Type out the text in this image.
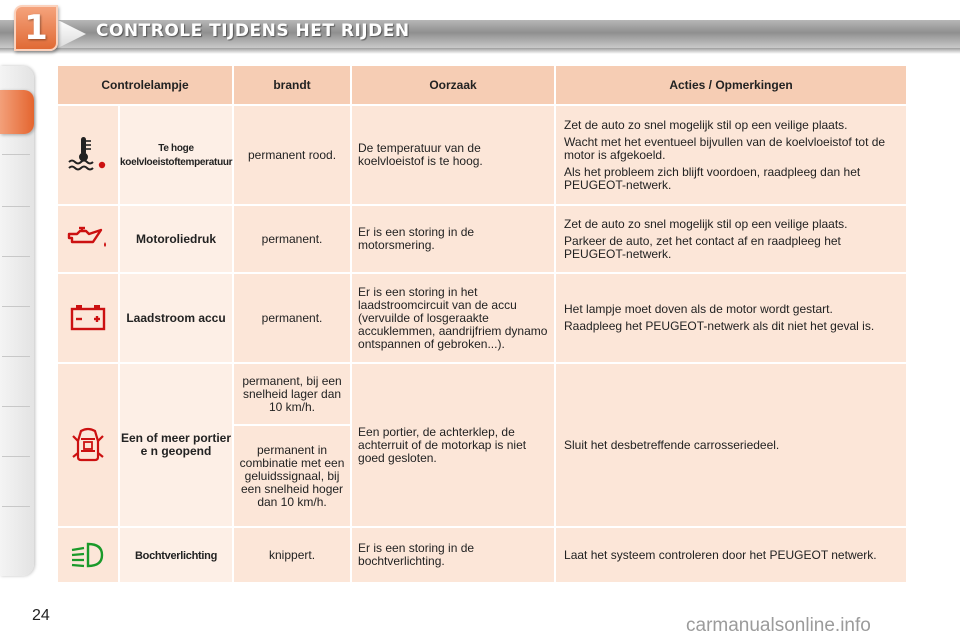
1	CONTROLE TIJDENS HET RIJDEN
Controlelampje		brandt	Oorzaak	Acties / Opmerkingen
	Te hoge koelvloeistoftemperatuur	permanent rood.	De temperatuur van de koelvloeistof is te hoog.	Zet de auto zo snel mogelijk stil op een veilige plaats.

Wacht met het eventueel bijvullen van de koelvloeistof tot de motor is afgekoeld.

Als het probleem zich blijft voordoen, raadpleeg dan het PEUGEOT-netwerk.

	Motoroliedruk	permanent.	Er is een storing in de motorsmering.	Zet de auto zo snel mogelijk stil op een veilige plaats.

Parkeer de auto, zet het contact af en raadpleeg het PEUGEOT-netwerk.

	Laadstroom accu	permanent.	Er is een storing in het laadstroomcircuit van de accu (vervuilde of losgeraakte accuklemmen, aandrijfriem dynamo ontspannen of gebroken...).	Het lampje moet doven als de motor wordt gestart.

Raadpleeg het PEUGEOT-netwerk als dit niet het geval is.

	Een of meer portier e n geopend	permanent, bij een snelheid lager dan 10 km/h.	Een portier, de achterklep, de achterruit of de motorkap is niet goed gesloten.	Sluit het desbetreffende carrosseriedeel.

		permanent in combinatie met een geluidssignaal, bij een snelheid hoger dan 10 km/h.		
	Bochtverlichting	knippert.	Er is een storing in de bochtverlichting.	Laat het systeem controleren door het PEUGEOT netwerk.

24	carmanualsonline.info
